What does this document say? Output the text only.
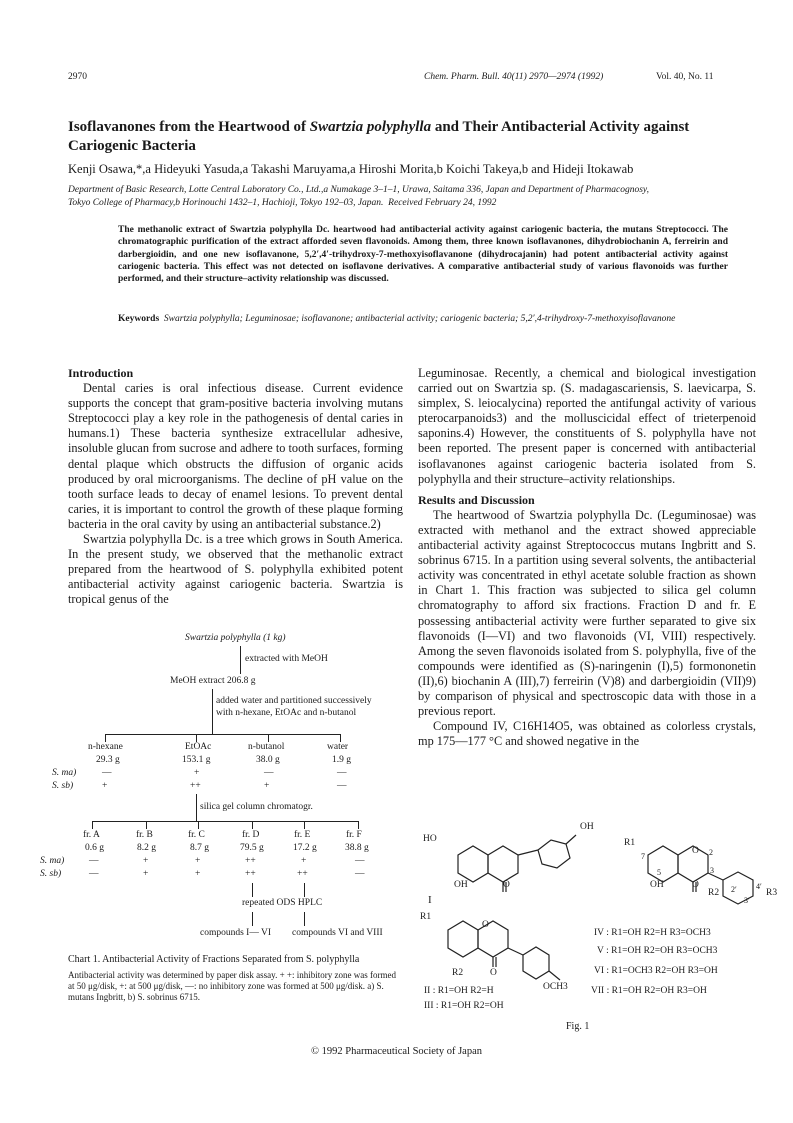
2970	Chem. Pharm. Bull. 40(11) 2970—2974 (1992)	Vol. 40, No. 11
Isoflavanones from the Heartwood of Swartzia polyphylla and Their Antibacterial Activity against
Cariogenic Bacteria
Kenji Osawa,*,a Hideyuki Yasuda,a Takashi Maruyama,a Hiroshi Morita,b Koichi Takeya,b and Hideji Itokawab
Department of Basic Research, Lotte Central Laboratory Co., Ltd.,a Numakage 3–1–1, Urawa, Saitama 336, Japan and Department of Pharmacognosy,
Tokyo College of Pharmacy,b Horinouchi 1432–1, Hachioji, Tokyo 192–03, Japan. Received February 24, 1992
The methanolic extract of Swartzia polyphylla Dc. heartwood had antibacterial activity against cariogenic bacteria, the mutans Streptococci. The chromatographic purification of the extract afforded seven flavonoids. Among them, three known isoflavanones, dihydrobiochanin A, ferreirin and darbergioidin, and one new isoflavanone, 5,2′,4′-trihydroxy-7-methoxyisoflavanone (dihydrocajanin) had potent antibacterial activity against cariogenic bacteria. This effect was not detected on isoflavone derivatives. A comparative antibacterial study of various flavonoids was further performed, and their structure–activity relationship was discussed.
Keywords Swartzia polyphylla; Leguminosae; isoflavanone; antibacterial activity; cariogenic bacteria; 5,2′,4-trihydroxy-7-methoxyisoflavanone
Introduction

Dental caries is oral infectious disease. Current evidence supports the concept that gram-positive bacteria involving mutans Streptococci play a key role in the pathogenesis of dental caries in humans.1) These bacteria synthesize extracellular adhesive, insoluble glucan from sucrose and adhere to tooth surfaces, forming dental plaque which obstructs the diffusion of organic acids produced by oral microorganisms. The decline of pH value on the tooth surface leads to decay of enamel lesions. To prevent dental caries, it is important to control the growth of these plaque forming bacteria in the oral cavity by using an antibacterial substance.2)

Swartzia polyphylla Dc. is a tree which grows in South America. In the present study, we observed that the methanolic extract prepared from the heartwood of S. polyphylla exhibited potent antibacterial activity against cariogenic bacteria. Swartzia is tropical genus of the

Leguminosae. Recently, a chemical and biological investigation carried out on Swartzia sp. (S. madagascariensis, S. laevicarpa, S. simplex, S. leiocalycina) reported the antifungal activity of various pterocarpanoids3) and the molluscicidal effect of trieterpenoid saponins.4) However, the constituents of S. polyphylla have not been reported. The present paper is concerned with antibacterial isoflavanones against cariogenic bacteria isolated from S. polyphylla and their structure–activity relationships.

Results and Discussion

The heartwood of Swartzia polyphylla Dc. (Leguminosae) was extracted with methanol and the extract showed appreciable antibacterial activity against Streptococcus mutans Ingbritt and S. sobrinus 6715. In a partition using several solvents, the antibacterial activity was concentrated in ethyl acetate soluble fraction as shown in Chart 1. This fraction was subjected to silica gel column chromatography to afford six fractions. Fraction D and fr. E possessing antibacterial activity were further separated to give six flavonoids (I—VI) and two flavonoids (VI, VIII) respectively. Among the seven flavonoids isolated from S. polyphylla, five of the compounds were identified as (S)-naringenin (I),5) formononetin (II),6) biochanin A (III),7) ferreirin (V)8) and darbergioidin (VII)9) by comparison of physical and spectroscopic data with those in a previous report.

Compound IV, C16H14O5, was obtained as colorless crystals, mp 175—177 °C and showed negative in the

Swartzia polyphylla (1 kg)
extracted with MeOH
MeOH extract 206.8 g
added water and partitioned successively
with n-hexane, EtOAc and n-butanol
n-hexane	EtOAc	n-butanol	water
29.3 g	153.1 g	38.0 g	1.9 g
S. ma)	—	+	—	—
S. sb)	+	++	+	—
silica gel column chromatogr.
fr. A	fr. B	fr. C	fr. D	fr. E	fr. F
0.6 g	8.2 g	8.7 g	79.5 g	17.2 g	38.8 g
S. ma)	—	+	+	++	+	—
S. sb)	—	+	+	++	++	—
repeated ODS HPLC
compounds I— VI compounds VI and VIII
Chart 1. Antibacterial Activity of Fractions Separated from S. polyphylla
Antibacterial activity was determined by paper disk assay. + +: inhibitory zone was formed at 50 μg/disk, +: at 500 μg/disk, —: no inhibitory zone was formed at 500 μg/disk. a) S. mutans Ingbritt, b) S. sobrinus 6715.
HO
OH
OH	O
I
R1
7
O 2
3
5
OH	O
R2 2′
3′
4′
R3
R1
O
R2	O
OCH3
II : R1=OH R2=H
III : R1=OH R2=OH
IV : R1=OH R2=H R3=OCH3
V : R1=OH R2=OH R3=OCH3
VI : R1=OCH3 R2=OH R3=OH
VII : R1=OH R2=OH R3=OH
Fig. 1
© 1992 Pharmaceutical Society of Japan
